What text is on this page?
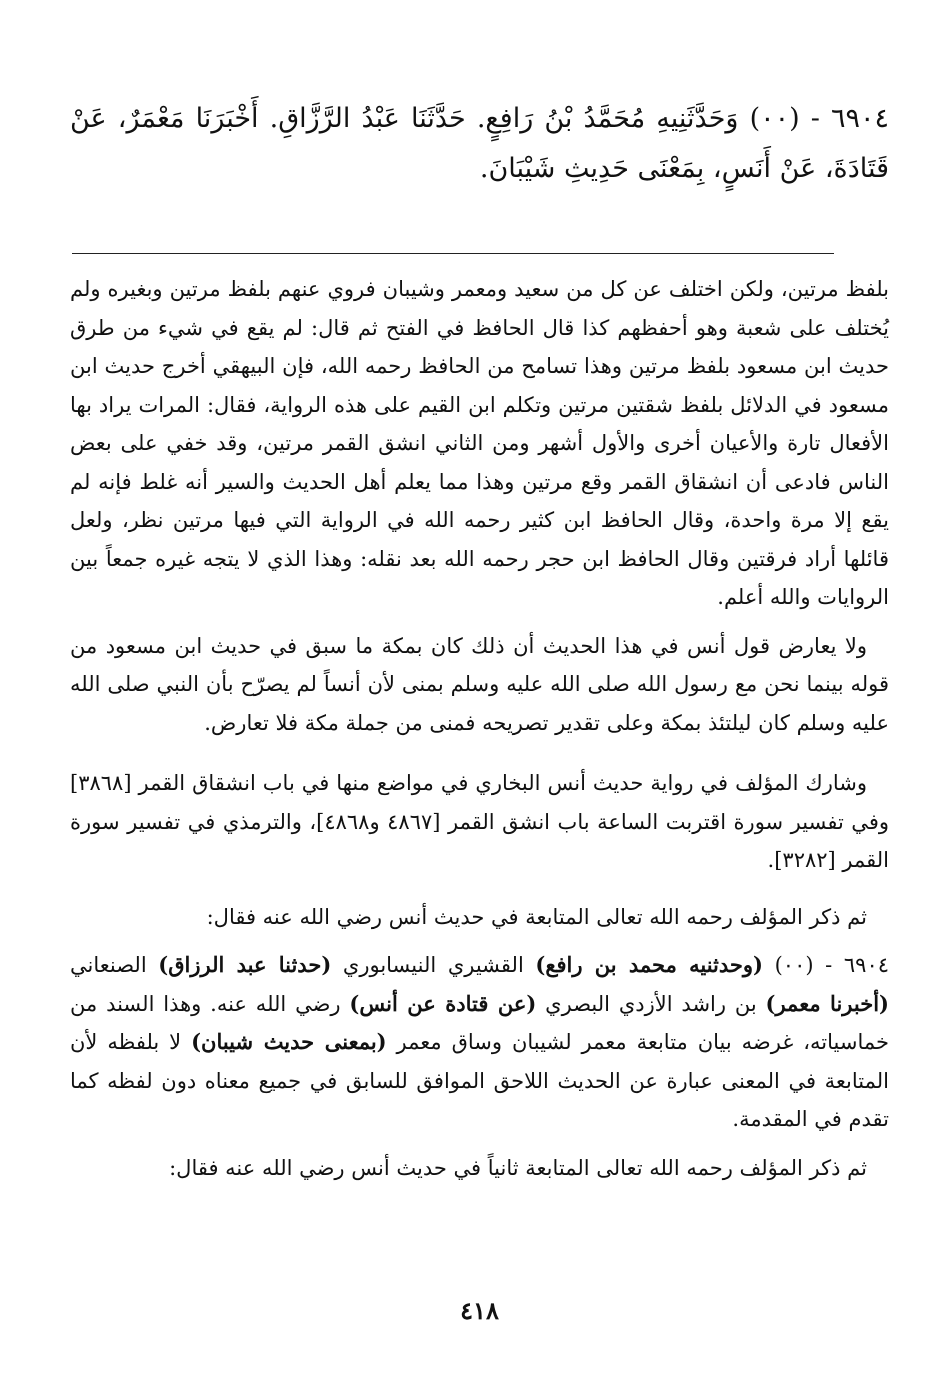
٦٩٠٤ - (٠٠) وَحَدَّثَنِيهِ مُحَمَّدُ بْنُ رَافِعٍ. حَدَّثَنَا عَبْدُ الرَّزَّاقِ. أَخْبَرَنَا مَعْمَرٌ، عَنْ قَتَادَةَ، عَنْ أَنَسٍ، بِمَعْنَى حَدِيثِ شَيْبَانَ.

بلفظ مرتين، ولكن اختلف عن كل من سعيد ومعمر وشيبان فروي عنهم بلفظ مرتين وبغيره ولم يُختلف على شعبة وهو أحفظهم كذا قال الحافظ في الفتح ثم قال: لم يقع في شيء من طرق حديث ابن مسعود بلفظ مرتين وهذا تسامح من الحافظ رحمه الله، فإن البيهقي أخرج حديث ابن مسعود في الدلائل بلفظ شقتين مرتين وتكلم ابن القيم على هذه الرواية، فقال: المرات يراد بها الأفعال تارة والأعيان أخرى والأول أشهر ومن الثاني انشق القمر مرتين، وقد خفي على بعض الناس فادعى أن انشقاق القمر وقع مرتين وهذا مما يعلم أهل الحديث والسير أنه غلط فإنه لم يقع إلا مرة واحدة، وقال الحافظ ابن كثير رحمه الله في الرواية التي فيها مرتين نظر، ولعل قائلها أراد فرقتين وقال الحافظ ابن حجر رحمه الله بعد نقله: وهذا الذي لا يتجه غيره جمعاً بين الروايات والله أعلم.

ولا يعارض قول أنس في هذا الحديث أن ذلك كان بمكة ما سبق في حديث ابن مسعود من قوله بينما نحن مع رسول الله صلى الله عليه وسلم بمنى لأن أنساً لم يصرّح بأن النبي صلى الله عليه وسلم كان ليلتئذ بمكة وعلى تقدير تصريحه فمنى من جملة مكة فلا تعارض.

وشارك المؤلف في رواية حديث أنس البخاري في مواضع منها في باب انشقاق القمر [٣٨٦٨] وفي تفسير سورة اقتربت الساعة باب انشق القمر [٤٨٦٧ و٤٨٦٨]، والترمذي في تفسير سورة القمر [٣٢٨٢].

ثم ذكر المؤلف رحمه الله تعالى المتابعة في حديث أنس رضي الله عنه فقال:

٦٩٠٤ - (٠٠) (وحدثنيه محمد بن رافع) القشيري النيسابوري (حدثنا عبد الرزاق) الصنعاني (أخبرنا معمر) بن راشد الأزدي البصري (عن قتادة عن أنس) رضي الله عنه. وهذا السند من خماسياته، غرضه بيان متابعة معمر لشيبان وساق معمر (بمعنى حديث شيبان) لا بلفظه لأن المتابعة في المعنى عبارة عن الحديث اللاحق الموافق للسابق في جميع معناه دون لفظه كما تقدم في المقدمة.

ثم ذكر المؤلف رحمه الله تعالى المتابعة ثانياً في حديث أنس رضي الله عنه فقال:

٤١٨
